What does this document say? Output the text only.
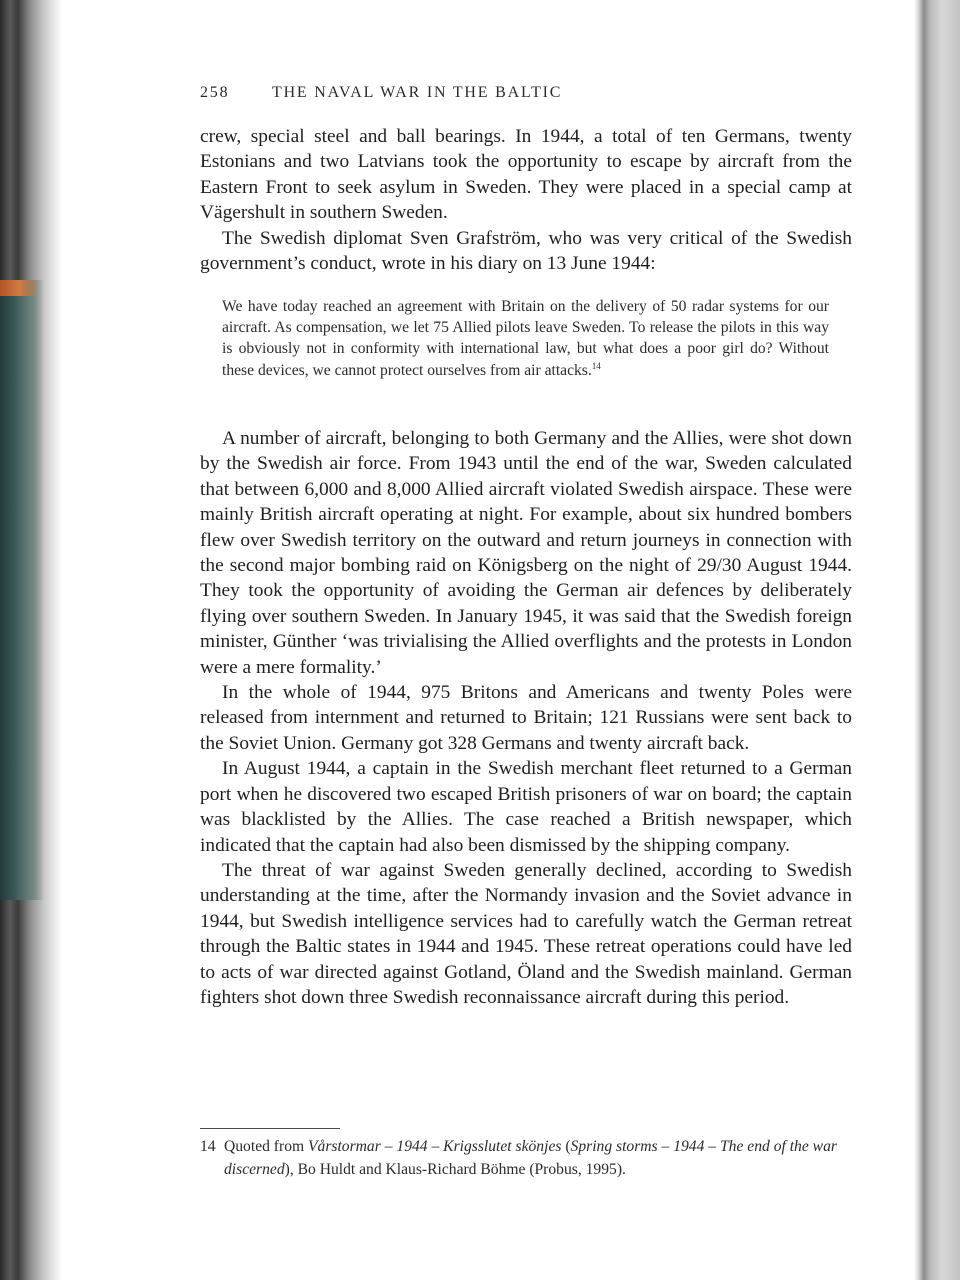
258	THE NAVAL WAR IN THE BALTIC

crew, special steel and ball bearings. In 1944, a total of ten Germans, twenty Estonians and two Latvians took the opportunity to escape by aircraft from the Eastern Front to seek asylum in Sweden. They were placed in a special camp at Vägershult in southern Sweden.

The Swedish diplomat Sven Grafström, who was very critical of the Swedish government’s conduct, wrote in his diary on 13 June 1944:

We have today reached an agreement with Britain on the delivery of 50 radar systems for our aircraft. As compensation, we let 75 Allied pilots leave Sweden. To release the pilots in this way is obviously not in conformity with international law, but what does a poor girl do? Without these devices, we cannot protect ourselves from air attacks.$^{14}$

A number of aircraft, belonging to both Germany and the Allies, were shot down by the Swedish air force. From 1943 until the end of the war, Sweden calculated that between 6,000 and 8,000 Allied aircraft violated Swedish airspace. These were mainly British aircraft operating at night. For example, about six hundred bombers flew over Swedish territory on the outward and return journeys in connection with the second major bombing raid on Königsberg on the night of 29/30 August 1944. They took the opportunity of avoiding the German air defences by deliberately flying over southern Sweden. In January 1945, it was said that the Swedish foreign minister, Günther ‘was trivialising the Allied overflights and the protests in London were a mere formality.’

In the whole of 1944, 975 Britons and Americans and twenty Poles were released from internment and returned to Britain; 121 Russians were sent back to the Soviet Union. Germany got 328 Germans and twenty aircraft back.

In August 1944, a captain in the Swedish merchant fleet returned to a German port when he discovered two escaped British prisoners of war on board; the captain was blacklisted by the Allies. The case reached a British newspaper, which indicated that the captain had also been dismissed by the shipping company.

The threat of war against Sweden generally declined, according to Swedish understanding at the time, after the Normandy invasion and the Soviet advance in 1944, but Swedish intelligence services had to carefully watch the German retreat through the Baltic states in 1944 and 1945. These retreat operations could have led to acts of war directed against Gotland, Öland and the Swedish mainland. German fighters shot down three Swedish reconnaissance aircraft during this period.

14 Quoted from Vårstormar – 1944 – Krigsslutet skönjes (Spring storms – 1944 – The end of the war discerned), Bo Huldt and Klaus-Richard Böhme (Probus, 1995).
